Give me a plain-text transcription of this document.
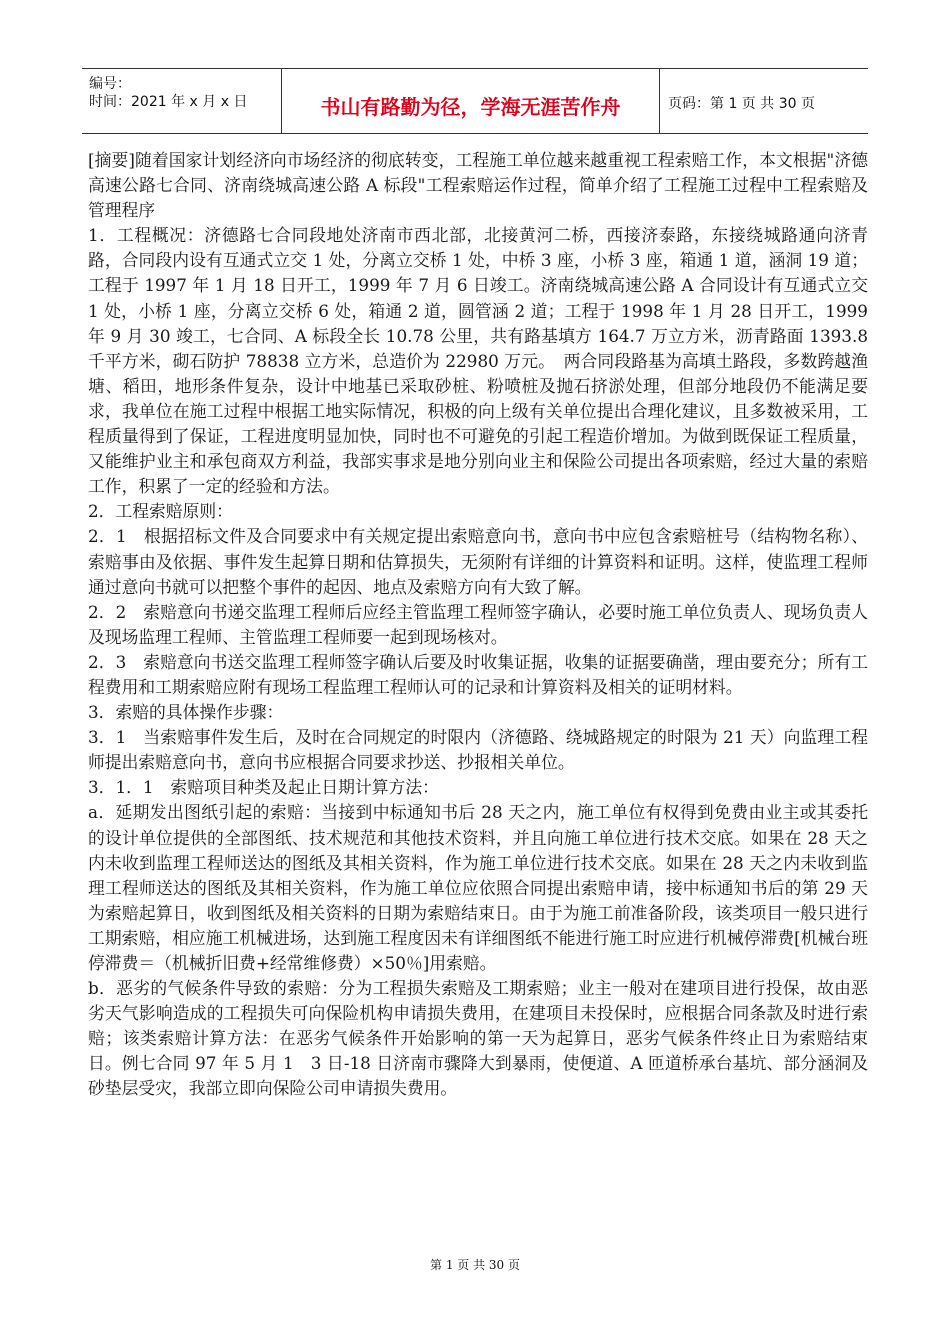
编号：
时间：2021 年 x 月 x 日	书山有路勤为径，学海无涯苦作舟	页码：第 1 页 共 30 页

[摘要]随着国家计划经济向市场经济的彻底转变，工程施工单位越来越重视工程索赔工作，本文根据"济德高速公路七合同、济南绕城高速公路 A 标段"工程索赔运作过程，简单介绍了工程施工过程中工程索赔及管理程序

1．工程概况：济德路七合同段地处济南市西北部，北接黄河二桥，西接济泰路，东接绕城路通向济青路，合同段内设有互通式立交 1 处，分离立交桥 1 处，中桥 3 座，小桥 3 座，箱通 1 道，涵洞 19 道；工程于 1997 年 1 月 18 日开工，1999 年 7 月 6 日竣工。济南绕城高速公路 A 合同设计有互通式立交 1 处，小桥 1 座，分离立交桥 6 处，箱通 2 道，圆管涵 2 道；工程于 1998 年 1 月 28 日开工，1999 年 9 月 30 竣工，七合同、A 标段全长 10.78 公里，共有路基填方 164.7 万立方米，沥青路面 1393.8 千平方米，砌石防护 78838 立方米，总造价为 22980 万元。　两合同段路基为高填土路段，多数跨越渔塘、稻田，地形条件复杂，设计中地基已采取砂桩、粉喷桩及抛石挤淤处理，但部分地段仍不能满足要求，我单位在施工过程中根据工地实际情况，积极的向上级有关单位提出合理化建议，且多数被采用，工程质量得到了保证，工程进度明显加快，同时也不可避免的引起工程造价增加。为做到既保证工程质量，又能维护业主和承包商双方利益，我部实事求是地分别向业主和保险公司提出各项索赔，经过大量的索赔工作，积累了一定的经验和方法。

2．工程索赔原则：

2．1　根据招标文件及合同要求中有关规定提出索赔意向书，意向书中应包含索赔桩号（结构物名称）、索赔事由及依据、事件发生起算日期和估算损失，无须附有详细的计算资料和证明。这样，使监理工程师通过意向书就可以把整个事件的起因、地点及索赔方向有大致了解。

2．2　索赔意向书递交监理工程师后应经主管监理工程师签字确认，必要时施工单位负责人、现场负责人及现场监理工程师、主管监理工程师要一起到现场核对。

2．3　索赔意向书送交监理工程师签字确认后要及时收集证据，收集的证据要确凿，理由要充分；所有工程费用和工期索赔应附有现场工程监理工程师认可的记录和计算资料及相关的证明材料。

3．索赔的具体操作步骤：

3．1　当索赔事件发生后，及时在合同规定的时限内（济德路、绕城路规定的时限为 21 天）向监理工程师提出索赔意向书，意向书应根据合同要求抄送、抄报相关单位。

3．1．1　索赔项目种类及起止日期计算方法：

a．延期发出图纸引起的索赔：当接到中标通知书后 28 天之内，施工单位有权得到免费由业主或其委托的设计单位提供的全部图纸、技术规范和其他技术资料，并且向施工单位进行技术交底。如果在 28 天之内未收到监理工程师送达的图纸及其相关资料，作为施工单位进行技术交底。如果在 28 天之内未收到监理工程师送达的图纸及其相关资料，作为施工单位应依照合同提出索赔申请，接中标通知书后的第 29 天为索赔起算日，收到图纸及相关资料的日期为索赔结束日。由于为施工前准备阶段，该类项目一般只进行工期索赔，相应施工机械进场，达到施工程度因未有详细图纸不能进行施工时应进行机械停滞费[机械台班停滞费＝（机械折旧费+经常维修费）×50％]用索赔。

b．恶劣的气候条件导致的索赔：分为工程损失索赔及工期索赔；业主一般对在建项目进行投保，故由恶劣天气影响造成的工程损失可向保险机构申请损失费用，在建项目未投保时，应根据合同条款及时进行索赔；该类索赔计算方法：在恶劣气候条件开始影响的第一天为起算日，恶劣气候条件终止日为索赔结束日。例七合同 97 年 5 月 1　3 日-18 日济南市骤降大到暴雨，使便道、A 匝道桥承台基坑、部分涵洞及砂垫层受灾，我部立即向保险公司申请损失费用。

第 1 页 共 30 页
